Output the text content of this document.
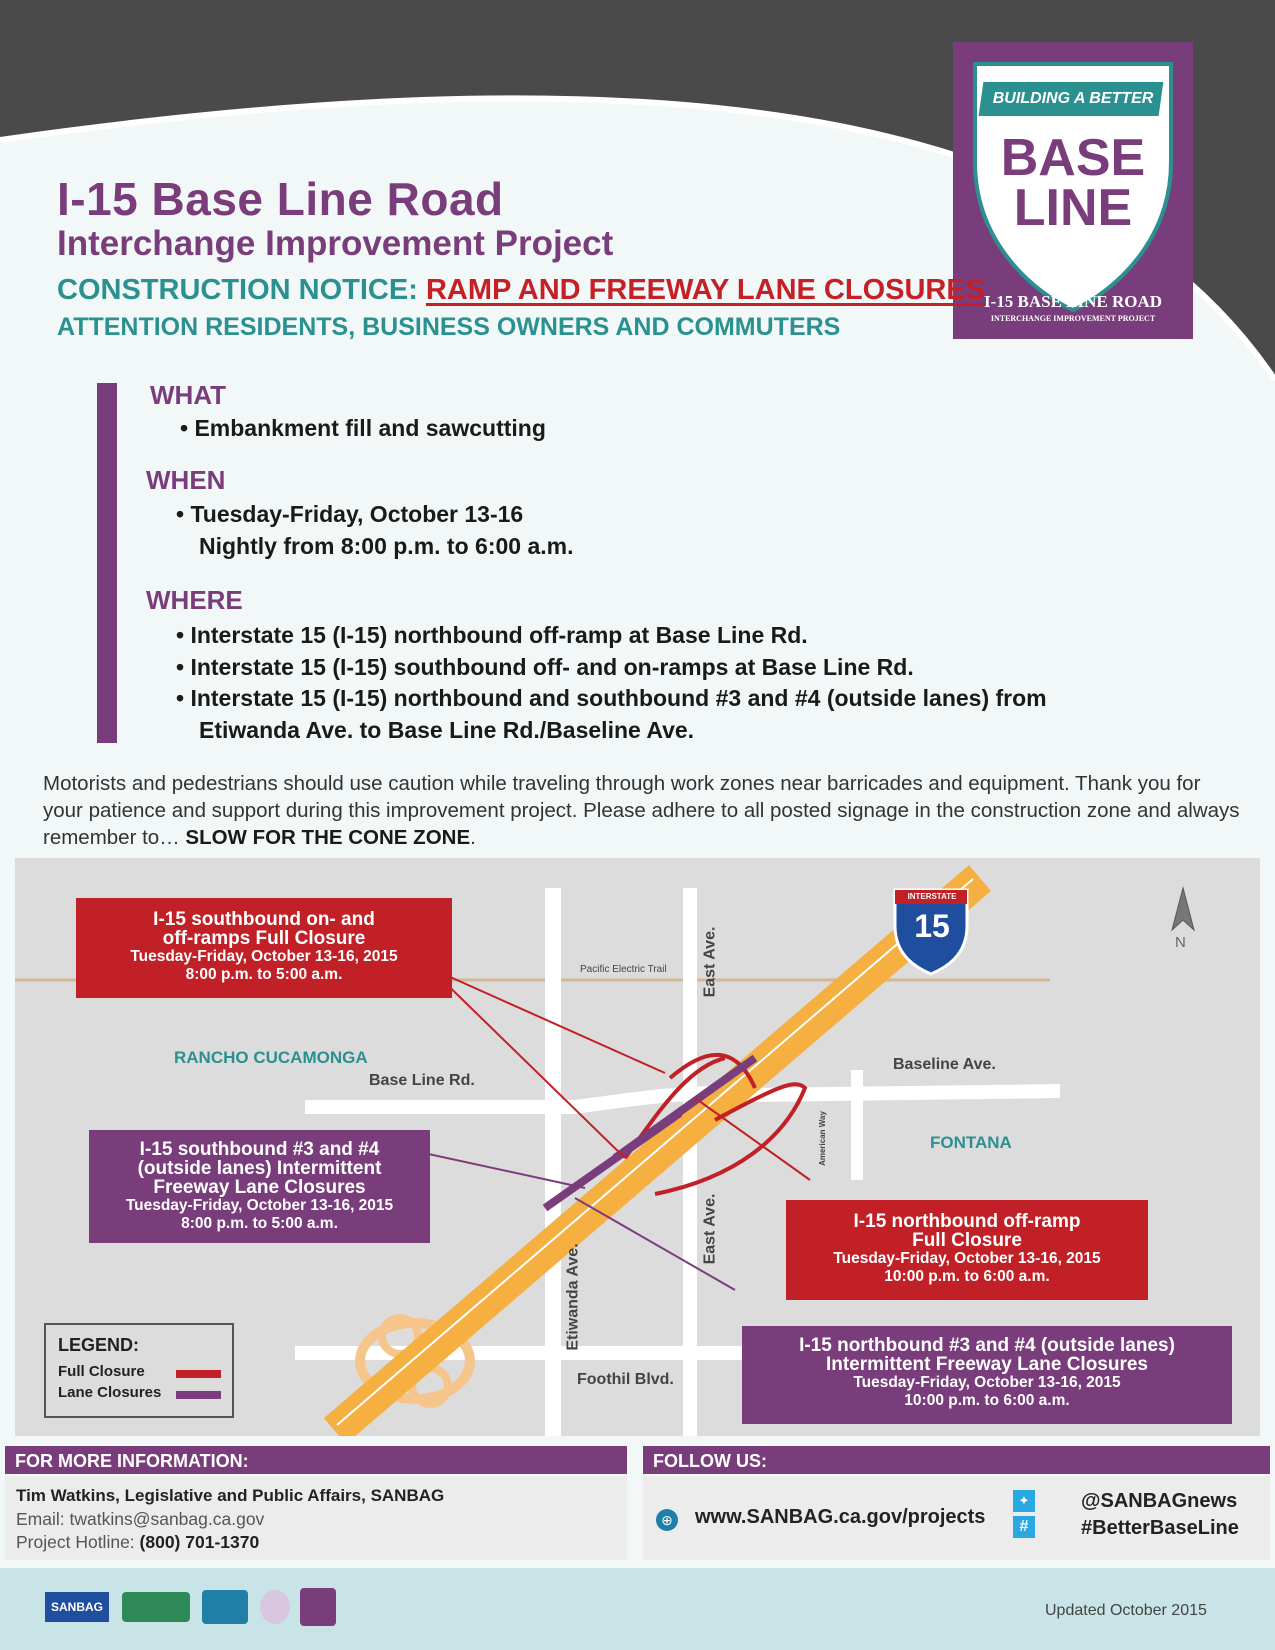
BUILDING A BETTER
BASE
LINE
I-15 BASE LINE ROAD
INTERCHANGE IMPROVEMENT PROJECT
I-15 Base Line Road
Interchange Improvement Project
CONSTRUCTION NOTICE: RAMP AND FREEWAY LANE CLOSURES
ATTENTION RESIDENTS, BUSINESS OWNERS AND COMMUTERS
WHAT
• Embankment fill and sawcutting
WHEN
• Tuesday-Friday, October 13-16
Nightly from 8:00 p.m. to 6:00 a.m.
WHERE
• Interstate 15 (I-15) northbound off-ramp at Base Line Rd.
• Interstate 15 (I-15) southbound off- and on-ramps at Base Line Rd.
• Interstate 15 (I-15) northbound and southbound #3 and #4 (outside lanes) from
Etiwanda Ave. to Base Line Rd./Baseline Ave.
Motorists and pedestrians should use caution while traveling through work zones near barricades and equipment. Thank you for your patience and support during this improvement project. Please adhere to all posted signage in the construction zone and always remember to… SLOW FOR THE CONE ZONE.
INTERSTATE
15	N
Pacific Electric Trail East Ave.
East Ave.
Base Line Rd.
Baseline Ave.
American Way
Etiwanda Ave.
Foothil Blvd.
RANCHO CUCAMONGA
FONTANA
I-15 southbound on- and
off-ramps Full Closure
Tuesday-Friday, October 13-16, 2015
8:00 p.m. to 5:00 a.m.
I-15 southbound #3 and #4
(outside lanes) Intermittent
Freeway Lane Closures
Tuesday-Friday, October 13-16, 2015
8:00 p.m. to 5:00 a.m.	I-15 northbound off-ramp
Full Closure
Tuesday-Friday, October 13-16, 2015
10:00 p.m. to 6:00 a.m.
I-15 northbound #3 and #4 (outside lanes)
Intermittent Freeway Lane Closures
Tuesday-Friday, October 13-16, 2015
10:00 p.m. to 6:00 a.m.
LEGEND:
Full Closure
Lane Closures
FOR MORE INFORMATION:
Tim Watkins, Legislative and Public Affairs, SANBAG
Email: twatkins@sanbag.ca.gov
Project Hotline: (800) 701-1370
FOLLOW US:
⊕ www.SANBAG.ca.gov/projects
✦
#
@SANBAGnews
#BetterBaseLine
SANBAG	Updated October 2015
